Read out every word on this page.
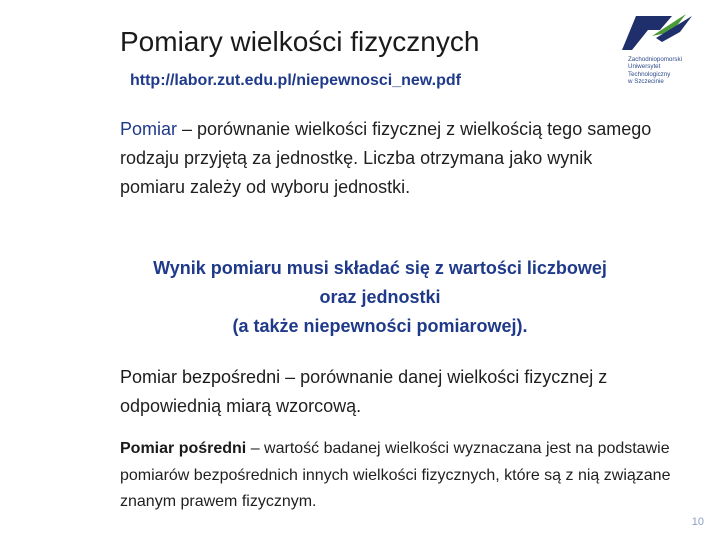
Pomiary wielkości fizycznych
http://labor.zut.edu.pl/niepewnosci_new.pdf
Zachodniopomorski
Uniwersytet
Technologiczny
w Szczecinie
Pomiar – porównanie wielkości fizycznej z wielkością tego samego rodzaju przyjętą za jednostkę. Liczba otrzymana jako wynik pomiaru zależy od wyboru jednostki.
Wynik pomiaru musi składać się z wartości liczbowej
oraz jednostki
(a także niepewności pomiarowej).
Pomiar bezpośredni – porównanie danej wielkości fizycznej z odpowiednią miarą wzorcową.
Pomiar pośredni – wartość badanej wielkości wyznaczana jest na podstawie pomiarów bezpośrednich innych wielkości fizycznych, które są z nią związane znanym prawem fizycznym.
10
